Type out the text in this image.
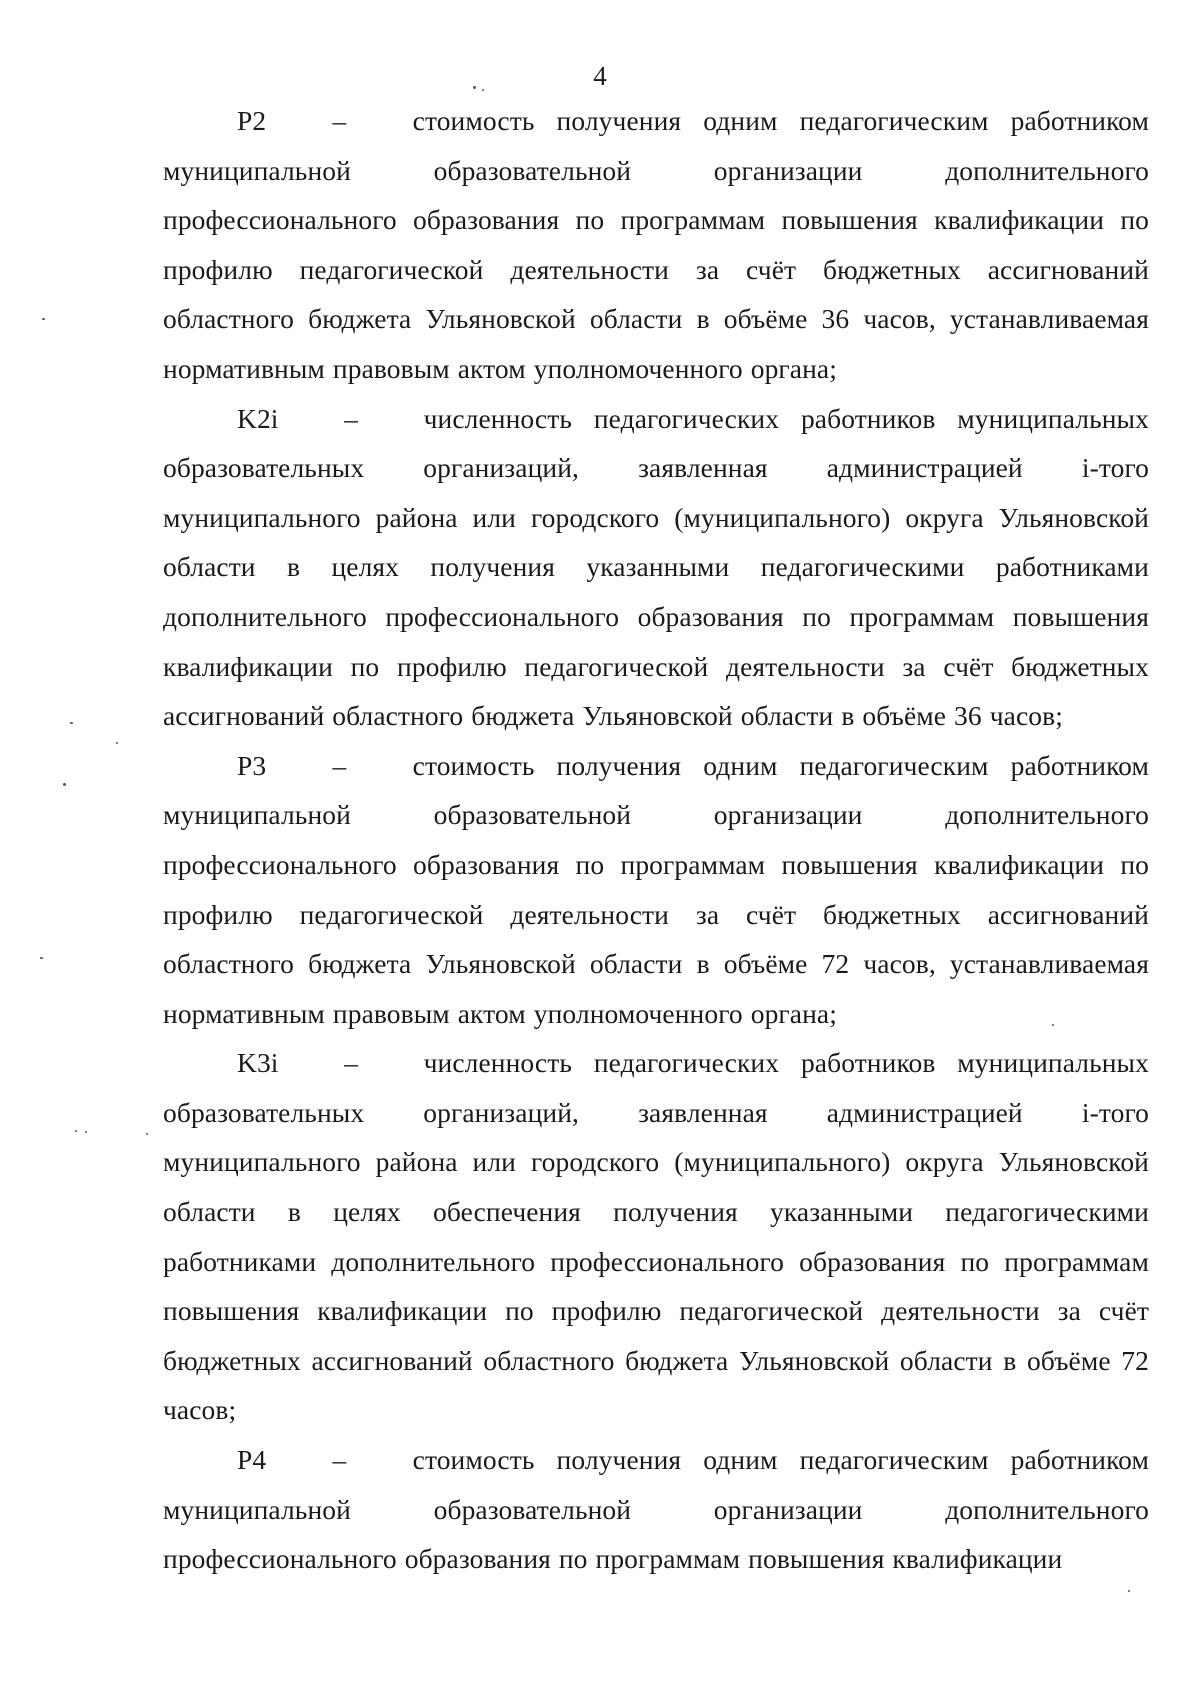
4

Р2 – стоимость получения одним педагогическим работником муниципальной образовательной организации дополнительного профессионального образования по программам повышения квалификации по профилю педагогической деятельности за счёт бюджетных ассигнований областного бюджета Ульяновской области в объёме 36 часов, устанавливаемая нормативным правовым актом уполномоченного органа;

K2i – численность педагогических работников муниципальных образовательных организаций, заявленная администрацией i-того муниципального района или городского (муниципального) округа Ульяновской области в целях получения указанными педагогическими работниками дополнительного профессионального образования по программам повышения квалификации по профилю педагогической деятельности за счёт бюджетных ассигнований областного бюджета Ульяновской области в объёме 36 часов;

Р3 – стоимость получения одним педагогическим работником муниципальной образовательной организации дополнительного профессионального образования по программам повышения квалификации по профилю педагогической деятельности за счёт бюджетных ассигнований областного бюджета Ульяновской области в объёме 72 часов, устанавливаемая нормативным правовым актом уполномоченного органа;

K3i – численность педагогических работников муниципальных образовательных организаций, заявленная администрацией i-того муниципального района или городского (муниципального) округа Ульяновской области в целях обеспечения получения указанными педагогическими работниками дополнительного профессионального образования по программам повышения квалификации по профилю педагогической деятельности за счёт бюджетных ассигнований областного бюджета Ульяновской области в объёме 72 часов;

Р4 – стоимость получения одним педагогическим работником муниципальной образовательной организации дополнительного профессионального образования по программам повышения квалификации
